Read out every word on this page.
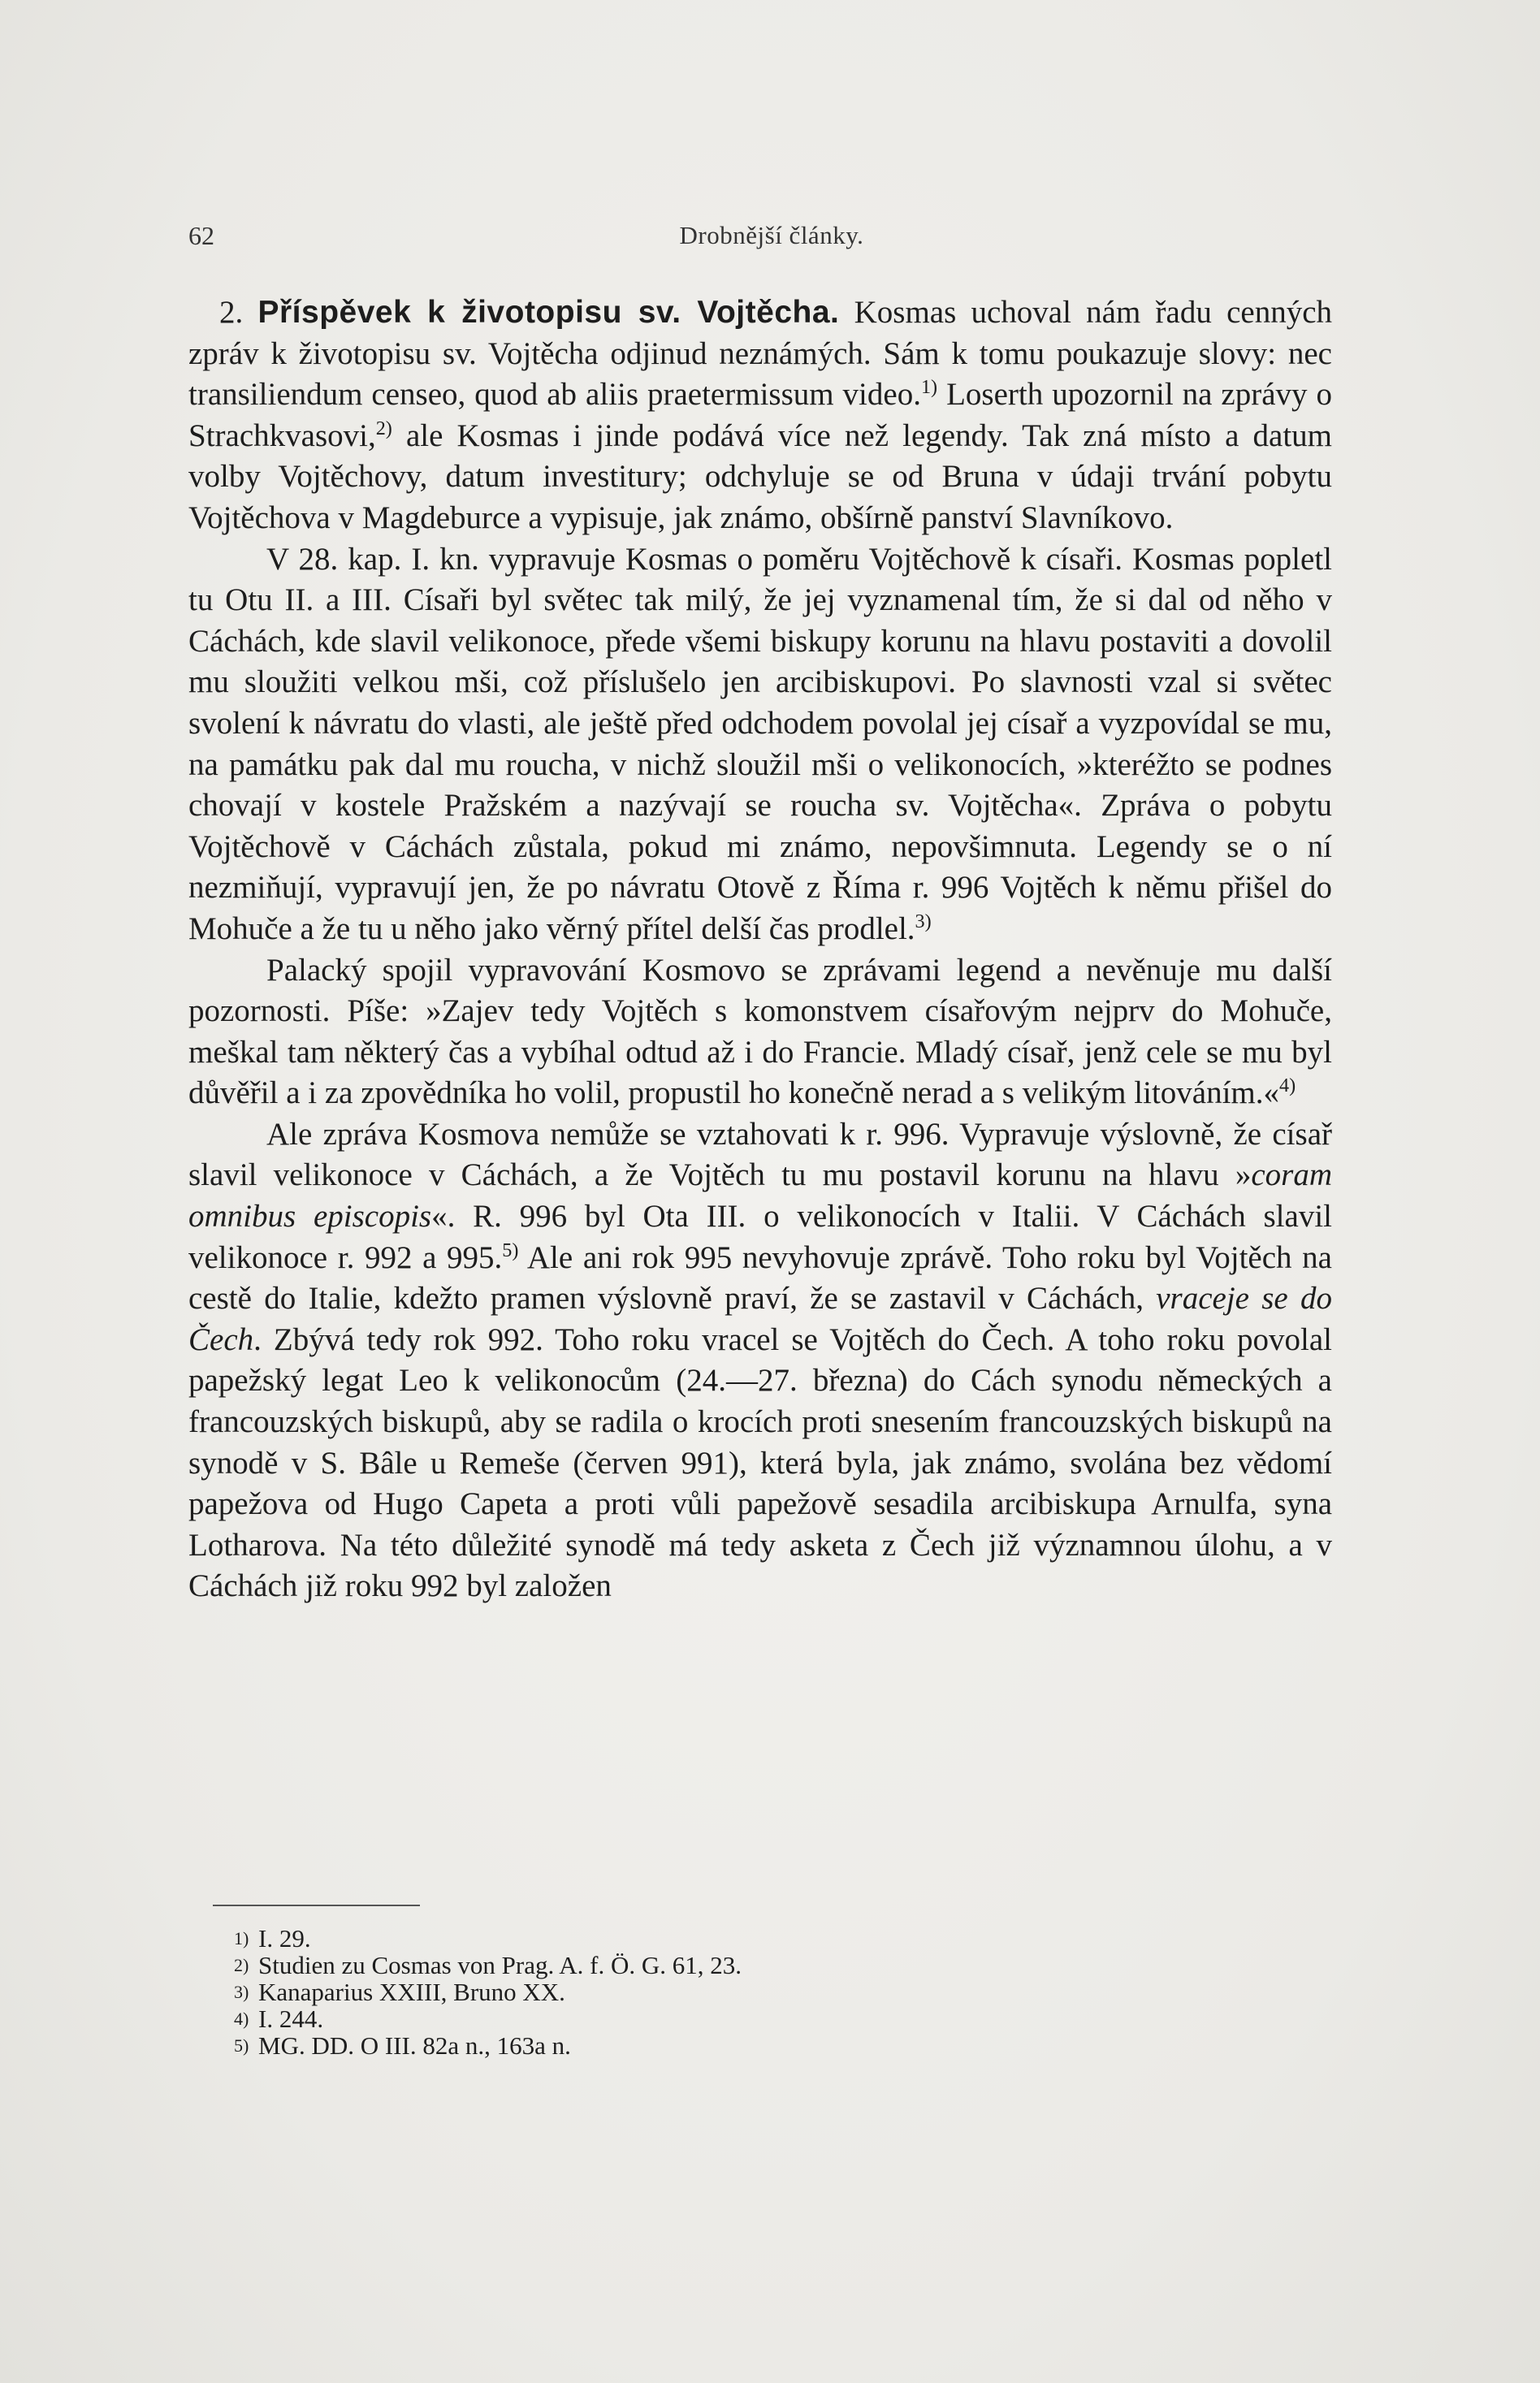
62	Drobnější články.

2. Příspěvek k životopisu sv. Vojtěcha. Kosmas uchoval nám řadu cenných zpráv k životopisu sv. Vojtěcha odjinud neznámých. Sám k tomu poukazuje slovy: nec transiliendum censeo, quod ab aliis praetermissum video.$^{1)}$ Loserth upozornil na zprávy o Strachkvasovi,$^{2)}$ ale Kosmas i jinde podává více než legendy. Tak zná místo a datum volby Vojtěchovy, datum investitury; odchyluje se od Bruna v údaji trvání pobytu Vojtěchova v Magdeburce a vypisuje, jak známo, obšírně panství Slavníkovo.

V 28. kap. I. kn. vypravuje Kosmas o poměru Vojtěchově k císaři. Kosmas popletl tu Otu II. a III. Císaři byl světec tak milý, že jej vyznamenal tím, že si dal od něho v Cáchách, kde slavil velikonoce, přede všemi biskupy korunu na hlavu postaviti a dovolil mu sloužiti velkou mši, což příslušelo jen arcibiskupovi. Po slavnosti vzal si světec svolení k návratu do vlasti, ale ještě před odchodem povolal jej císař a vyzpovídal se mu, na památku pak dal mu roucha, v nichž sloužil mši o velikonocích, »kteréžto se podnes chovají v kostele Pražském a nazývají se roucha sv. Vojtěcha«. Zpráva o pobytu Vojtěchově v Cáchách zůstala, pokud mi známo, nepovšimnuta. Legendy se o ní nezmiňují, vypravují jen, že po návratu Otově z Říma r. 996 Vojtěch k němu přišel do Mohuče a že tu u něho jako věrný přítel delší čas prodlel.$^{3)}$

Palacký spojil vypravování Kosmovo se zprávami legend a nevěnuje mu další pozornosti. Píše: »Zajev tedy Vojtěch s komonstvem císařovým nejprv do Mohuče, meškal tam některý čas a vybíhal odtud až i do Francie. Mladý císař, jenž cele se mu byl důvěřil a i za zpovědníka ho volil, propustil ho konečně nerad a s velikým litováním.«$^{4)}$

Ale zpráva Kosmova nemůže se vztahovati k r. 996. Vypravuje výslovně, že císař slavil velikonoce v Cáchách, a že Vojtěch tu mu postavil korunu na hlavu »coram omnibus episcopis«. R. 996 byl Ota III. o velikonocích v Italii. V Cáchách slavil velikonoce r. 992 a 995.$^{5)}$ Ale ani rok 995 nevyhovuje zprávě. Toho roku byl Vojtěch na cestě do Italie, kdežto pramen výslovně praví, že se zastavil v Cáchách, vraceje se do Čech. Zbývá tedy rok 992. Toho roku vracel se Vojtěch do Čech. A toho roku povolal papežský legat Leo k velikonocům (24.—27. března) do Cách synodu německých a francouzských biskupů, aby se radila o krocích proti snesením francouzských biskupů na synodě v S. Bâle u Remeše (červen 991), která byla, jak známo, svolána bez vědomí papežova od Hugo Capeta a proti vůli papežově sesadila arcibiskupa Arnulfa, syna Lotharova. Na této důležité synodě má tedy asketa z Čech již významnou úlohu, a v Cáchách již roku 992 byl založen

1) I. 29.
2) Studien zu Cosmas von Prag. A. f. Ö. G. 61, 23.
3) Kanaparius XXIII, Bruno XX.
4) I. 244.
5) MG. DD. O III. 82a n., 163a n.
